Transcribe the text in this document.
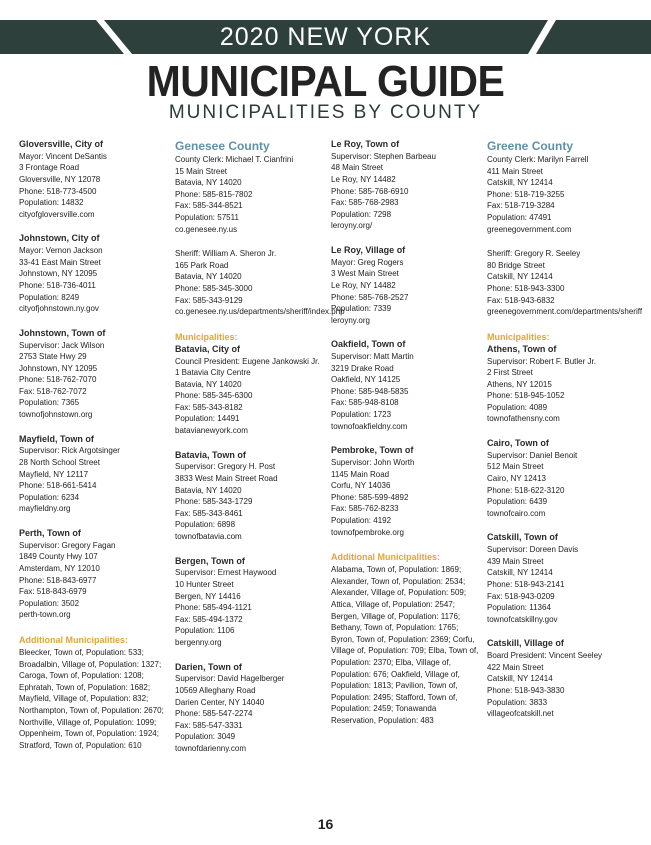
2020 NEW YORK
MUNICIPAL GUIDE
MUNICIPALITIES BY COUNTY
Gloversville, City of
Mayor: Vincent DeSantis
3 Frontage Road
Gloversville, NY 12078
Phone: 518-773-4500
Population: 14832
cityofgloversville.com
Johnstown, City of
Mayor: Vernon Jackson
33-41 East Main Street
Johnstown, NY 12095
Phone: 518-736-4011
Population: 8249
cityofjohnstown.ny.gov
Johnstown, Town of
Supervisor: Jack Wilson
2753 State Hwy 29
Johnstown, NY 12095
Phone: 518-762-7070
Fax: 518-762-7072
Population: 7365
townofjohnstown.org
Mayfield, Town of
Supervisor: Rick Argotsinger
28 North School Street
Mayfield, NY 12117
Phone: 518-661-5414
Population: 6234
mayfieldny.org
Perth, Town of
Supervisor: Gregory Fagan
1849 County Hwy 107
Amsterdam, NY 12010
Phone: 518-843-6977
Fax: 518-843-6979
Population: 3502
perth-town.org
Additional Municipalities:
Bleecker, Town of, Population: 533; Broadalbin, Village of, Population: 1327; Caroga, Town of, Population: 1208; Ephratah, Town of, Population: 1682; Mayfield, Village of, Population: 832; Northampton, Town of, Population: 2670; Northville, Village of, Population: 1099; Oppenheim, Town of, Population: 1924; Stratford, Town of, Population: 610
Genesee County
County Clerk: Michael T. Cianfrini
15 Main Street
Batavia, NY 14020
Phone: 585-815-7802
Fax: 585-344-8521
Population: 57511
co.genesee.ny.us
Sheriff: William A. Sheron Jr.
165 Park Road
Batavia, NY 14020
Phone: 585-345-3000
Fax: 585-343-9129
co.genesee.ny.us/departments/sheriff/index.php
Municipalities:
Batavia, City of
Council President: Eugene Jankowski Jr.
1 Batavia City Centre
Batavia, NY 14020
Phone: 585-345-6300
Fax: 585-343-8182
Population: 14491
batavianewyork.com
Batavia, Town of
Supervisor: Gregory H. Post
3833 West Main Street Road
Batavia, NY 14020
Phone: 585-343-1729
Fax: 585-343-8461
Population: 6898
townofbatavia.com
Bergen, Town of
Supervisor: Ernest Haywood
10 Hunter Street
Bergen, NY 14416
Phone: 585-494-1121
Fax: 585-494-1372
Population: 1106
bergenny.org
Darien, Town of
Supervisor: David Hagelberger
10569 Alleghany Road
Darien Center, NY 14040
Phone: 585-547-2274
Fax: 585-547-3331
Population: 3049
townofdarienny.com
Le Roy, Town of
Supervisor: Stephen Barbeau
48 Main Street
Le Roy, NY 14482
Phone: 585-768-6910
Fax: 585-768-2983
Population: 7298
leroyny.org/
Le Roy, Village of
Mayor: Greg Rogers
3 West Main Street
Le Roy, NY 14482
Phone: 585-768-2527
Population: 7339
leroyny.org
Oakfield, Town of
Supervisor: Matt Martin
3219 Drake Road
Oakfield, NY 14125
Phone: 585-948-5835
Fax: 585-948-8108
Population: 1723
townofoakfieldny.com
Pembroke, Town of
Supervisor: John Worth
1145 Main Road
Corfu, NY 14036
Phone: 585-599-4892
Fax: 585-762-8233
Population: 4192
townofpembroke.org
Additional Municipalities:
Alabama, Town of, Population: 1869; Alexander, Town of, Population: 2534; Alexander, Village of, Population: 509; Attica, Village of, Population: 2547; Bergen, Village of, Population: 1176; Bethany, Town of, Population: 1765; Byron, Town of, Population: 2369; Corfu, Village of, Population: 709; Elba, Town of, Population: 2370; Elba, Village of, Population: 676; Oakfield, Village of, Population: 1813; Pavilion, Town of, Population: 2495; Stafford, Town of, Population: 2459; Tonawanda Reservation, Population: 483
Greene County
County Clerk: Marilyn Farrell
411 Main Street
Catskill, NY 12414
Phone: 518-719-3255
Fax: 518-719-3284
Population: 47491
greenegovernment.com
Sheriff: Gregory R. Seeley
80 Bridge Street
Catskill, NY 12414
Phone: 518-943-3300
Fax: 518-943-6832
greenegovernment.com/departments/sheriff
Municipalities:
Athens, Town of
Supervisor: Robert F. Butler Jr.
2 First Street
Athens, NY 12015
Phone: 518-945-1052
Population: 4089
townofathensny.com
Cairo, Town of
Supervisor: Daniel Benoit
512 Main Street
Cairo, NY 12413
Phone: 518-622-3120
Population: 6439
townofcairo.com
Catskill, Town of
Supervisor: Doreen Davis
439 Main Street
Catskill, NY 12414
Phone: 518-943-2141
Fax: 518-943-0209
Population: 11364
townofcatskillny.gov
Catskill, Village of
Board President: Vincent Seeley
422 Main Street
Catskill, NY 12414
Phone: 518-943-3830
Population: 3833
villageofcatskill.net
16
